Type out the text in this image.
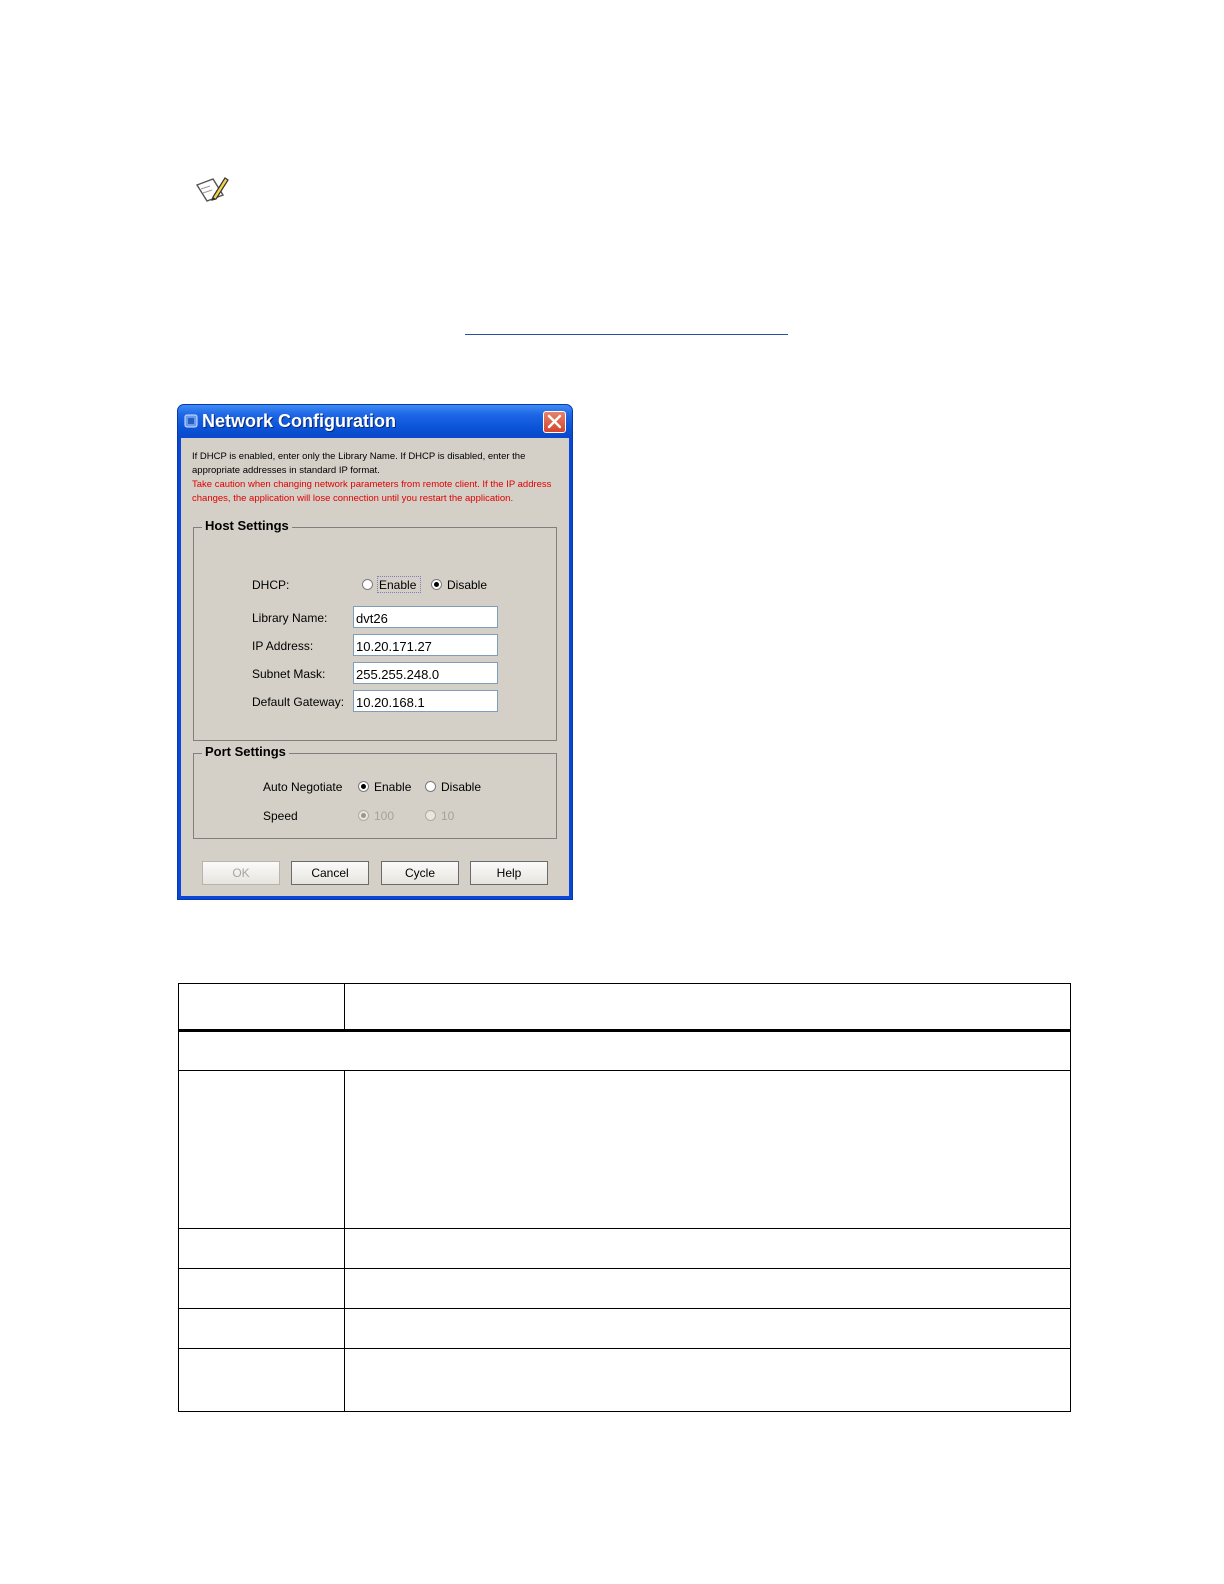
Network Configuration
If DHCP is enabled, enter only the Library Name. If DHCP is disabled, enter the appropriate addresses in standard IP format.
Take caution when changing network parameters from remote client. If the IP address changes, the application will lose connection until you restart the application.
Host Settings
DHCP:	Enable	Disable
Library Name:
dvt26
IP Address:
10.20.171.27
Subnet Mask:
255.255.248.0
Default Gateway:
10.20.168.1
Port Settings
Auto Negotiate	Enable Disable
Speed	100	10
OK	Cancel	Cycle	Help
